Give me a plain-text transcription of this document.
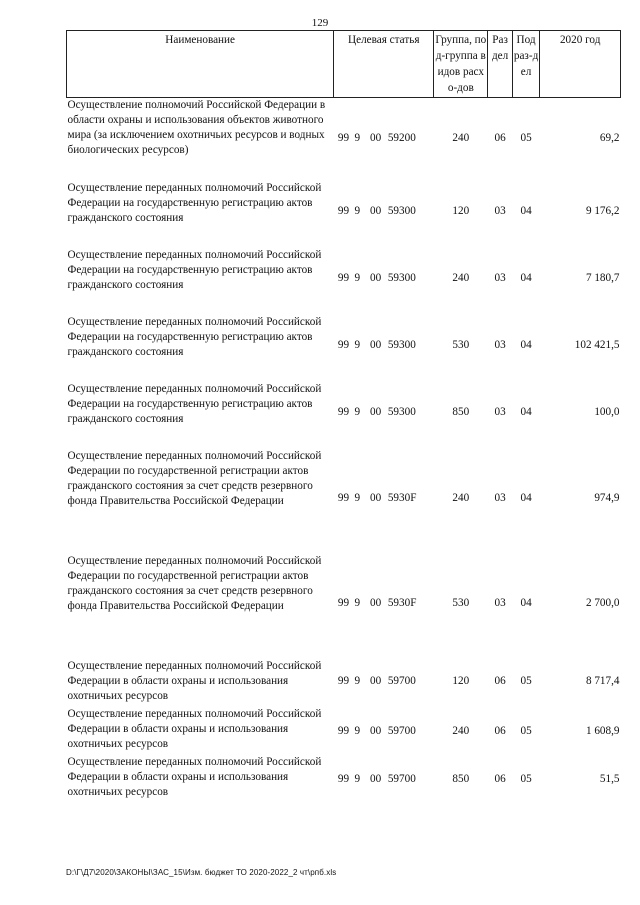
129
Наименование	Целевая статья				Группа, под-группа видов расхо-дов	Раз дел	Под раз-дел	2020 год
Осуществление полномочий Российской Федерации в области охраны и использования объектов животного мира (за исключением охотничьих ресурсов и водных биологических ресурсов)	99	9	00	59200	240	06	05	69,2
Осуществление переданных полномочий Российской Федерации на государственную регистрацию актов гражданского состояния	99	9	00	59300	120	03	04	9 176,2
Осуществление переданных полномочий Российской Федерации на государственную регистрацию актов гражданского состояния	99	9	00	59300	240	03	04	7 180,7
Осуществление переданных полномочий Российской Федерации на государственную регистрацию актов гражданского состояния	99	9	00	59300	530	03	04	102 421,5
Осуществление переданных полномочий Российской Федерации на государственную регистрацию актов гражданского состояния	99	9	00	59300	850	03	04	100,0
Осуществление переданных полномочий Российской Федерации по государственной регистрации актов гражданского состояния за счет средств резервного фонда Правительства Российской Федерации	99	9	00	5930F	240	03	04	974,9
Осуществление переданных полномочий Российской Федерации по государственной регистрации актов гражданского состояния за счет средств резервного фонда Правительства Российской Федерации	99	9	00	5930F	530	03	04	2 700,0
Осуществление переданных полномочий Российской Федерации в области охраны и использования охотничьих ресурсов	99	9	00	59700	120	06	05	8 717,4
Осуществление переданных полномочий Российской Федерации в области охраны и использования охотничьих ресурсов	99	9	00	59700	240	06	05	1 608,9
Осуществление переданных полномочий Российской Федерации в области охраны и использования охотничьих ресурсов	99	9	00	59700	850	06	05	51,5
D:\Г\Д7\2020\ЗАКОНЫ\ЗАС_15\Изм. бюджет ТО 2020-2022_2 чт\рпб.xls
